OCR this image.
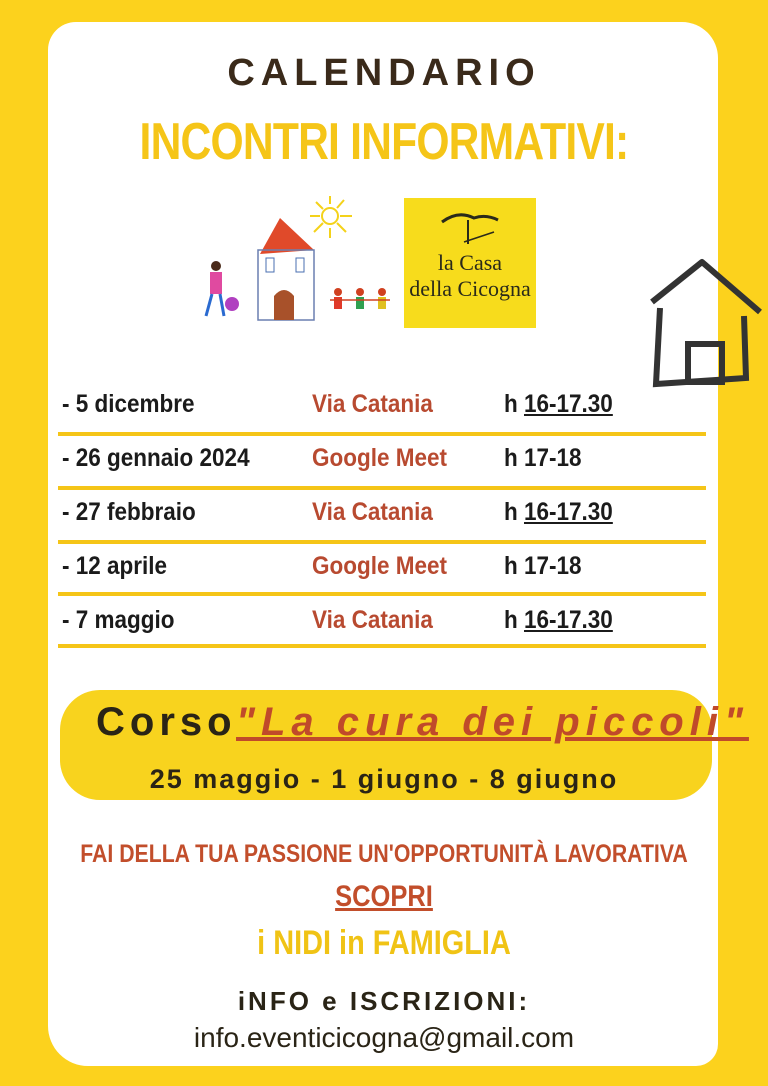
CALENDARIO
INCONTRI INFORMATIVI:
la Casa
della Cicogna
- 5 dicembre	Via Catania	h 16-17.30
- 26 gennaio 2024 Google Meet h 17-18
- 27 febbraio	Via Catania	h 16-17.30
- 12 aprile	Google Meet h 17-18
- 7 maggio	Via Catania	h 16-17.30
Corso "La cura dei piccoli"
25 maggio - 1 giugno - 8 giugno
FAI DELLA TUA PASSIONE UN'OPPORTUNITÀ LAVORATIVA
SCOPRI
i NIDI in FAMIGLIA
iNFO e ISCRIZIONI:
info.eventicicogna@gmail.com
